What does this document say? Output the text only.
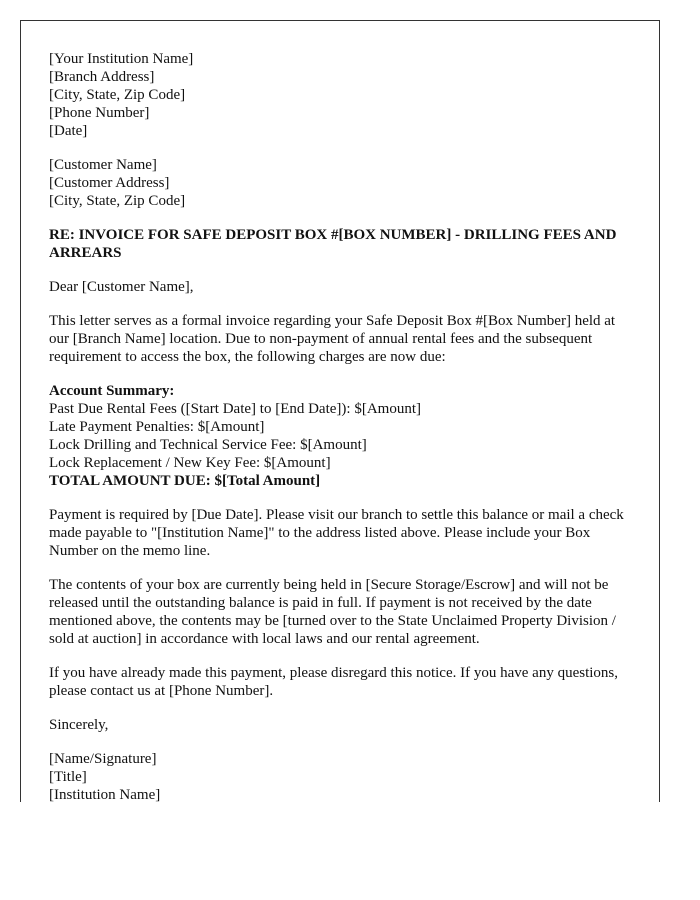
[Your Institution Name]
[Branch Address]
[City, State, Zip Code]
[Phone Number]
[Date]
[Customer Name]
[Customer Address]
[City, State, Zip Code]
RE: INVOICE FOR SAFE DEPOSIT BOX #[BOX NUMBER] - DRILLING FEES AND ARREARS

Dear [Customer Name],

This letter serves as a formal invoice regarding your Safe Deposit Box #[Box Number] held at our [Branch Name] location. Due to non-payment of annual rental fees and the subsequent requirement to access the box, the following charges are now due:

Account Summary:
Past Due Rental Fees ([Start Date] to [End Date]): $[Amount]
Late Payment Penalties: $[Amount]
Lock Drilling and Technical Service Fee: $[Amount]
Lock Replacement / New Key Fee: $[Amount]
TOTAL AMOUNT DUE: $[Total Amount]

Payment is required by [Due Date]. Please visit our branch to settle this balance or mail a check made payable to "[Institution Name]" to the address listed above. Please include your Box Number on the memo line.

The contents of your box are currently being held in [Secure Storage/Escrow] and will not be released until the outstanding balance is paid in full. If payment is not received by the date mentioned above, the contents may be [turned over to the State Unclaimed Property Division / sold at auction] in accordance with local laws and our rental agreement.

If you have already made this payment, please disregard this notice. If you have any questions, please contact us at [Phone Number].

Sincerely,

[Name/Signature]
[Title]
[Institution Name]
